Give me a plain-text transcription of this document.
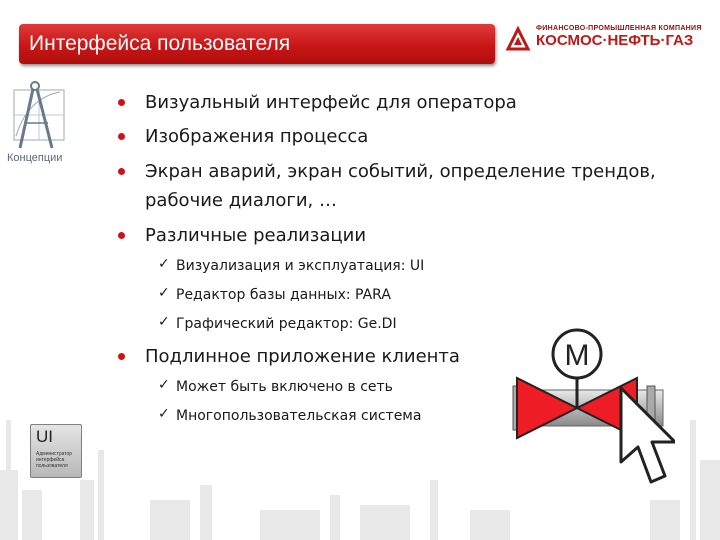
Интерфейса пользователя
ФИНАНСОВО-ПРОМЫШЛЕННАЯ КОМПАНИЯ
КОСМОС·НЕФТЬ·ГАЗ
Концепции
Визуальный интерфейс для оператора
Изображения процесса
Экран аварий, экран событий, определение трендов,
рабочие диалоги, …
Различные реализации
✓ Визуализация и эксплуатация: UI
✓ Редактор базы данных: PARA
✓ Графический редактор: Ge.DI
Подлинное приложение клиента
✓ Может быть включено в сеть
✓ Многопользовательская система
UI
Администратор интерфейса пользователя
M
